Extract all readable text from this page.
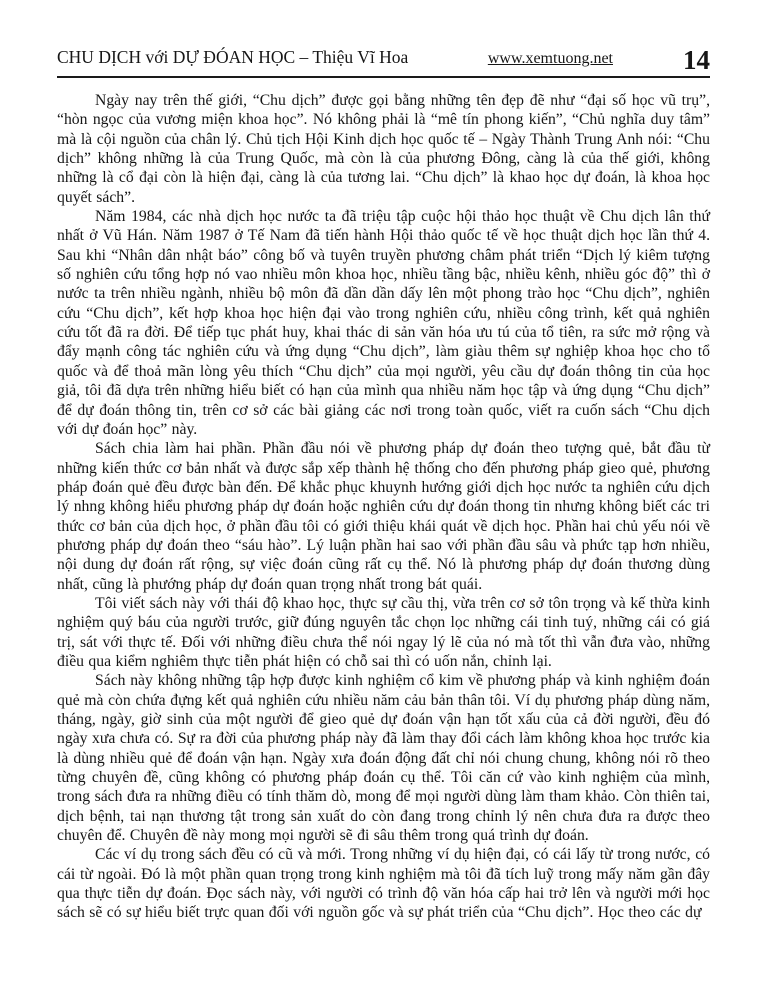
CHU DỊCH với DỰ ĐÓAN HỌC – Thiệu Vĩ Hoa	www.xemtuong.net	14

Ngày nay trên thế giới, “Chu dịch” được gọi bằng những tên đẹp đẽ như “đại số học vũ trụ”, “hòn ngọc của vương miện khoa học”. Nó không phải là “mê tín phong kiến”, “Chủ nghĩa duy tâm” mà là cội nguồn của chân lý. Chủ tịch Hội Kinh dịch học quốc tế – Ngày Thành Trung Anh nói: “Chu dịch” không những là của Trung Quốc, mà còn là của phương Đông, càng là của thế giới, không những là cổ đại còn là hiện đại, càng là của tương lai. “Chu dịch” là khao học dự đoán, là khoa học quyết sách”.

Năm 1984, các nhà dịch học nước ta đã triệu tập cuộc hội thảo học thuật về Chu dịch lân thứ nhất ở Vũ Hán. Năm 1987 ở Tế Nam đã tiến hành Hội thảo quốc tế về học thuật dịch học lần thứ 4. Sau khi “Nhân dân nhật báo” công bố và tuyên truyền phương châm phát triển “Dịch lý kiêm tượng số nghiên cứu tổng hợp nó vao nhiều môn khoa học, nhiều tầng bậc, nhiều kênh, nhiều góc độ” thì ở nước ta trên nhiều ngành, nhiều bộ môn đã dần dần dấy lên một phong trào học “Chu dịch”, nghiên cứu “Chu dịch”, kết hợp khoa học hiện đại vào trong nghiên cứu, nhiều công trình, kết quả nghiên cứu tốt đã ra đời. Để tiếp tục phát huy, khai thác di sản văn hóa ưu tú của tổ tiên, ra sức mở rộng và đẩy mạnh công tác nghiên cứu và ứng dụng “Chu dịch”, làm giàu thêm sự nghiệp khoa học cho tổ quốc và để thoả mãn lòng yêu thích “Chu dịch” của mọi người, yêu cầu dự đoán thông tin của học giả, tôi đã dựa trên những hiểu biết có hạn của mình qua nhiều năm học tập và ứng dụng “Chu dịch” để dự đoán thông tin, trên cơ sở các bài giảng các nơi trong toàn quốc, viết ra cuốn sách “Chu dịch với dự đoán học” này.

Sách chia làm hai phần. Phần đầu nói về phương pháp dự đoán theo tượng quẻ, bắt đầu từ những kiến thức cơ bản nhất và được sắp xếp thành hệ thống cho đến phương pháp gieo quẻ, phương pháp đoán quẻ đều được bàn đến. Để khắc phục khuynh hướng giới dịch học nước ta nghiên cứu dịch lý nhng không hiểu phương pháp dự đoán hoặc nghiên cứu dự đoán thong tin nhưng không biết các tri thức cơ bản của dịch học, ở phần đầu tôi có giới thiệu khái quát về dịch học. Phần hai chủ yếu nói về phương pháp dự đoán theo “sáu hào”. Lý luận phần hai sao với phần đầu sâu và phức tạp hơn nhiều, nội dung dự đoán rất rộng, sự việc đoán cũng rất cụ thể. Nó là phương pháp dự đoán thương dùng nhất, cũng là phướng pháp dự đoán quan trọng nhất trong bát quái.

Tôi viết sách này với thái độ khao học, thực sự cầu thị, vừa trên cơ sở tôn trọng và kế thừa kinh nghiệm quý báu của người trước, giữ đúng nguyên tắc chọn lọc những cái tinh tuý, những cái có giá trị, sát với thực tế. Đối với những điều chưa thể nói ngay lý lẽ của nó mà tốt thì vẫn đưa vào, những điều qua kiểm nghiêm thực tiễn phát hiện có chỗ sai thì có uốn nắn, chỉnh lại.

Sách này không những tập hợp được kinh nghiệm cổ kim về phương pháp và kinh nghiệm đoán quẻ mà còn chứa đựng kết quả nghiên cứu nhiều năm cảu bản thân tôi. Ví dụ phương pháp dùng năm, tháng, ngày, giờ sinh của một người để gieo quẻ dự đoán vận hạn tốt xấu của cả đời người, đều đó ngày xưa chưa có. Sự ra đời của phương pháp này đã làm thay đổi cách làm không khoa học trước kia là dùng nhiều quẻ để đoán vận hạn. Ngày xưa đoán động đất chỉ nói chung chung, không nói rõ theo từng chuyên đề, cũng không có phương pháp đoán cụ thể. Tôi căn cứ vào kinh nghiệm của mình, trong sách đưa ra những điều có tính thăm dò, mong để mọi người dùng làm tham khảo. Còn thiên tai, dịch bệnh, tai nạn thương tật trong sản xuất do còn đang trong chỉnh lý nên chưa đưa ra được theo chuyên để. Chuyên đề này mong mọi người sẽ đi sâu thêm trong quá trình dự đoán.

Các ví dụ trong sách đều có cũ và mới. Trong những ví dụ hiện đại, có cái lấy từ trong nước, có cái từ ngoài. Đó là một phần quan trọng trong kinh nghiệm mà tôi đã tích luỹ trong mấy năm gần đây qua thực tiễn dự đoán. Đọc sách này, với người có trình độ văn hóa cấp hai trở lên và người mới học sách sẽ có sự hiểu biết trực quan đối với nguồn gốc và sự phát triển của “Chu dịch”. Học theo các dự
